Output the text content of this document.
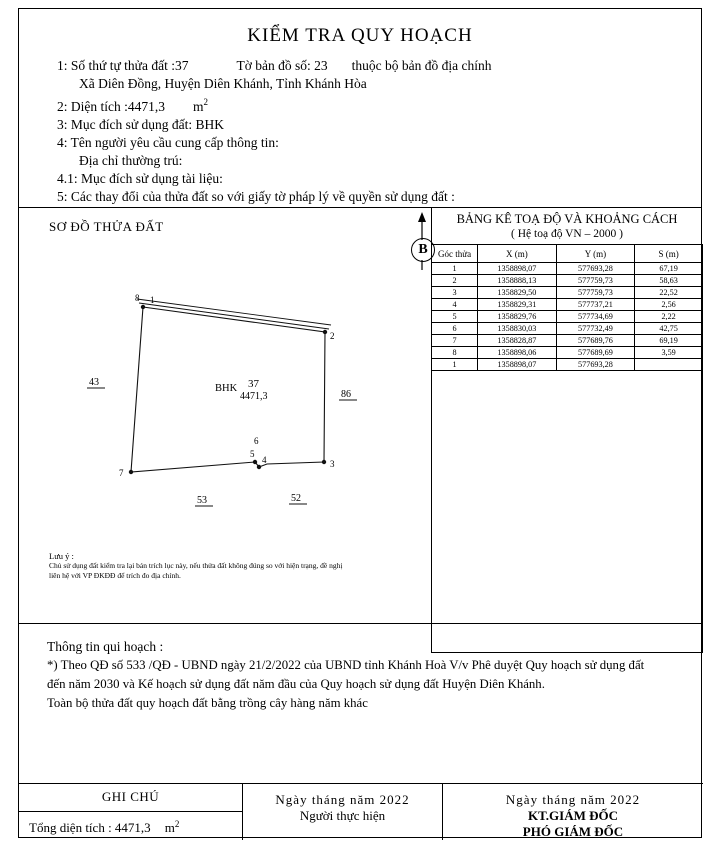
KIỂM TRA QUY HOẠCH
1: Số thứ tự thửa đất :37	Tờ bản đồ số: 23 thuộc bộ bản đồ địa chính
Xã Diên Đồng, Huyện Diên Khánh, Tỉnh Khánh Hòa
2: Diện tích :4471,3 $m^2$
3: Mục đích sử dụng đất: BHK
4: Tên người yêu cầu cung cấp thông tin:
Địa chỉ thường trú:
4.1: Mục đích sử dụng tài liệu:
5: Các thay đổi của thửa đất so với giấy tờ pháp lý về quyền sử dụng đất :
SƠ ĐỒ THỬA ĐẤT
B
8 1
2
3
4
5
6
7
43
86
53	52
BHK 37
4471,3
Lưu ý :
Chủ sử dụng đất kiểm tra lại bản trích lục này, nếu thửa đất không đúng so với hiện trạng, đề nghị
liên hệ với VP ĐKĐĐ để trích đo địa chính.
BẢNG KÊ TOẠ ĐỘ VÀ KHOẢNG CÁCH
( Hệ toạ độ VN – 2000 )
Góc thửa	X (m)	Y (m)	S (m)
1	1358898,07	577693,28	67,19
2	1358888,13	577759,73	58,63
3	1358829,50	577759,73	22,52
4	1358829,31	577737,21	2,56
5	1358829,76	577734,69	2,22
6	1358830,03	577732,49	42,75
7	1358828,87	577689,76	69,19
8	1358898,06	577689,69	3,59
1	1358898,07	577693,28	
Thông tin qui hoạch :
*) Theo QĐ số 533 /QĐ - UBND ngày 21/2/2022 của UBND tỉnh Khánh Hoà V/v Phê duyệt Quy hoạch sử dụng đất
đến năm 2030 và Kế hoạch sử dụng đất năm đầu của Quy hoạch sử dụng đất Huyện Diên Khánh.
Toàn bộ thửa đất quy hoạch đất bằng trồng cây hàng năm khác
GHI CHÚ
Tổng diện tích : 4471,3 $m^2$
Ngày tháng năm 2022
Người thực hiện
Ngày tháng năm 2022
KT.GIÁM ĐỐC
PHÓ GIÁM ĐỐC
